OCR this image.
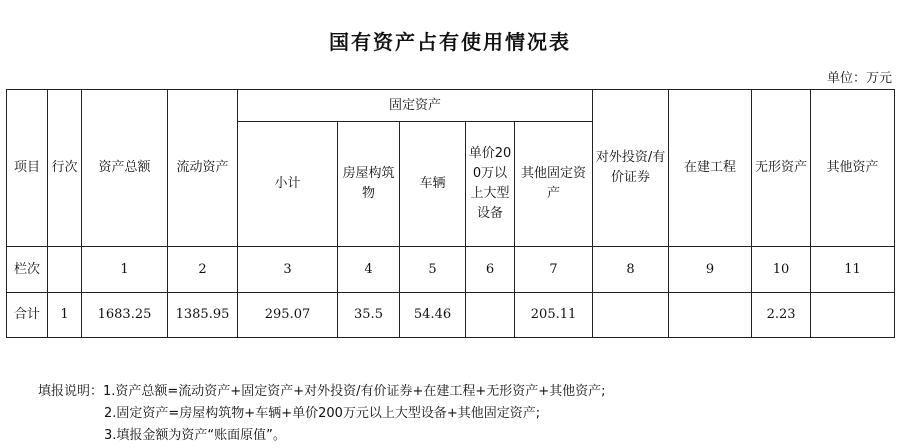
国有资产占有使用情况表
单位：万元
项目	行次	资产总额	流动资产	固定资产					对外投资/有价证券	在建工程	无形资产	其他资产
				小计	房屋构筑物	车辆	单价200万以上大型设备	其他固定资产				
栏次		1	2	3	4	5	6	7	8	9	10	11
合计	1	1683.25	1385.95	295.07	35.5	54.46		205.11			2.23	
填报说明：1.资产总额=流动资产+固定资产+对外投资/有价证券+在建工程+无形资产+其他资产;
2.固定资产=房屋构筑物+车辆+单价200万元以上大型设备+其他固定资产;
3.填报金额为资产“账面原值”。
